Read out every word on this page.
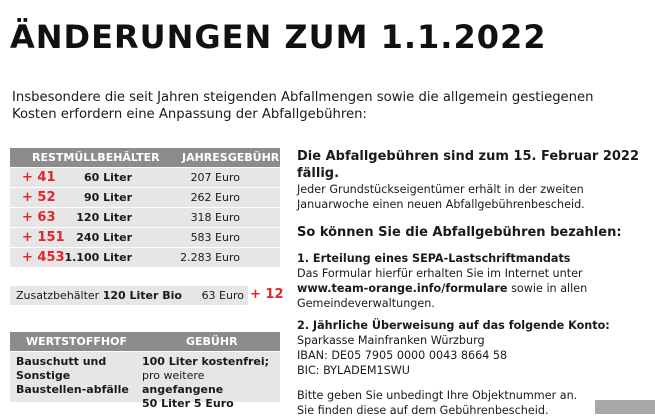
ÄNDERUNGEN ZUM 1.1.2022
Insbesondere die seit Jahren steigenden Abfallmengen sowie die allgemein gestiegenen Kosten erfordern eine Anpassung der Abfallgebühren:
RESTMÜLLBEHÄLTER JAHRESGEBÜHR
+ 41	60 Liter	207 Euro
+ 52	90 Liter	262 Euro
+ 63 120 Liter	318 Euro
+ 151 240 Liter	583 Euro
+ 453 1.100 Liter	2.283 Euro
Zusatzbehälter 120 Liter Bio 63 Euro + 12
WERTSTOFFHOF	GEBÜHR
Bauschutt und Sonstige Baustellen-abfälle
100 Liter kostenfrei;
pro weitere angefangene
50 Liter 5 Euro

Die Abfallgebühren sind zum 15. Februar 2022 fällig.

Jeder Grundstückseigentümer erhält in der zweiten Januarwoche einen neuen Abfallgebührenbescheid.

So können Sie die Abfallgebühren bezahlen:

1. Erteilung eines SEPA-Lastschriftmandats

Das Formular hierfür erhalten Sie im Internet unter
www.team-orange.info/formulare sowie in allen Gemeindeverwaltungen.

2. Jährliche Überweisung auf das folgende Konto:

Sparkasse Mainfranken Würzburg

IBAN: DE05 7905 0000 0043 8664 58

BIC: BYLADEM1SWU

Bitte geben Sie unbedingt Ihre Objektnummer an. Sie finden diese auf dem Gebührenbescheid.
